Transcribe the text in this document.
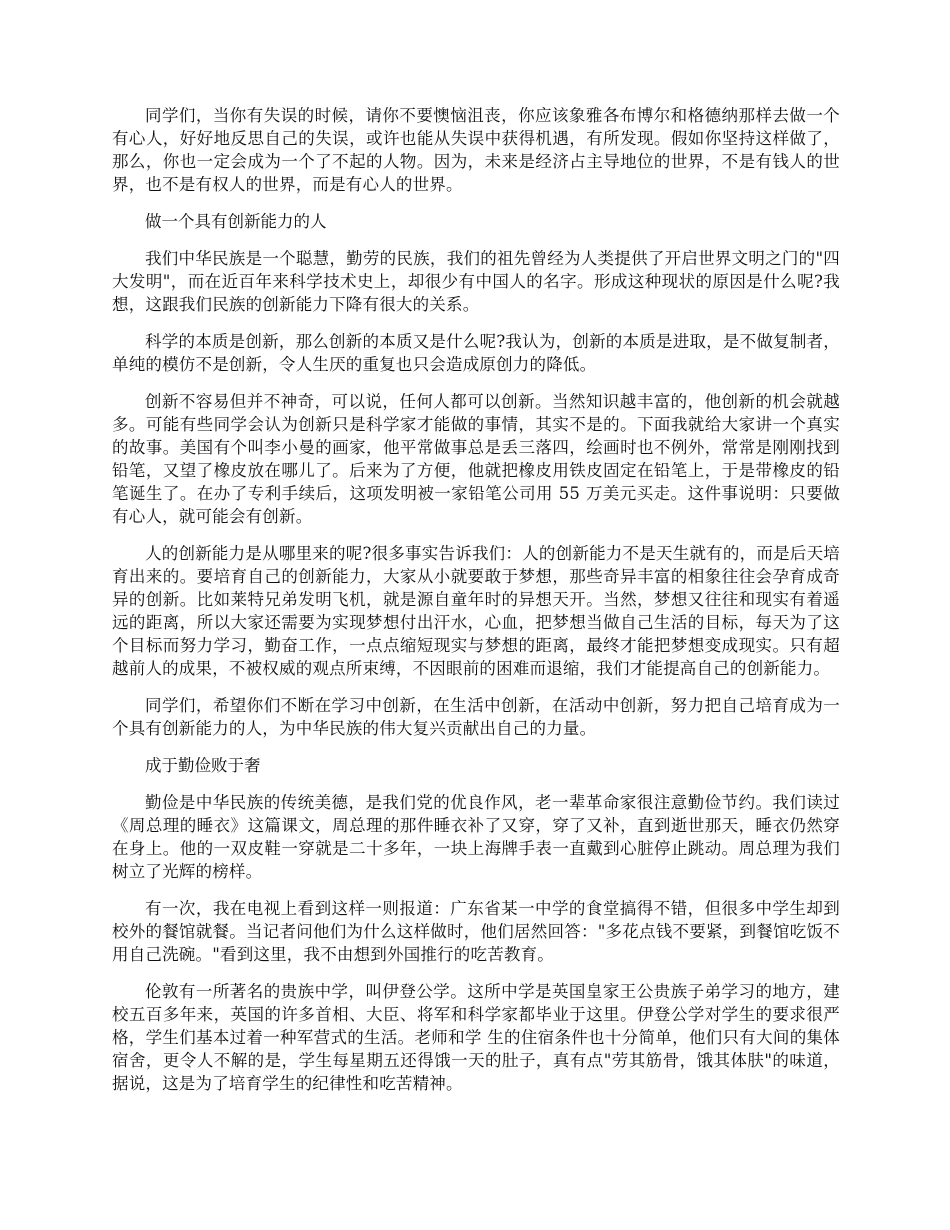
同学们，当你有失误的时候，请你不要懊恼沮丧，你应该象雅各布博尔和格德纳那样去做一个有心人，好好地反思自己的失误，或许也能从失误中获得机遇，有所发现。假如你坚持这样做了，那么，你也一定会成为一个了不起的人物。因为，未来是经济占主导地位的世界，不是有钱人的世界，也不是有权人的世界，而是有心人的世界。

做一个具有创新能力的人

我们中华民族是一个聪慧，勤劳的民族，我们的祖先曾经为人类提供了开启世界文明之门的"四大发明"，而在近百年来科学技术史上，却很少有中国人的名字。形成这种现状的原因是什么呢?我想，这跟我们民族的创新能力下降有很大的关系。

科学的本质是创新，那么创新的本质又是什么呢?我认为，创新的本质是进取，是不做复制者，单纯的模仿不是创新，令人生厌的重复也只会造成原创力的降低。

创新不容易但并不神奇，可以说，任何人都可以创新。当然知识越丰富的，他创新的机会就越多。可能有些同学会认为创新只是科学家才能做的事情，其实不是的。下面我就给大家讲一个真实的故事。美国有个叫李小曼的画家，他平常做事总是丢三落四，绘画时也不例外，常常是刚刚找到铅笔，又望了橡皮放在哪儿了。后来为了方便，他就把橡皮用铁皮固定在铅笔上，于是带橡皮的铅笔诞生了。在办了专利手续后，这项发明被一家铅笔公司用 55 万美元买走。这件事说明：只要做有心人，就可能会有创新。

人的创新能力是从哪里来的呢?很多事实告诉我们：人的创新能力不是天生就有的，而是后天培育出来的。要培育自己的创新能力，大家从小就要敢于梦想，那些奇异丰富的相象往往会孕育成奇异的创新。比如莱特兄弟发明飞机，就是源自童年时的异想天开。当然，梦想又往往和现实有着遥远的距离，所以大家还需要为实现梦想付出汗水，心血，把梦想当做自己生活的目标，每天为了这个目标而努力学习，勤奋工作，一点点缩短现实与梦想的距离，最终才能把梦想变成现实。只有超越前人的成果，不被权威的观点所束缚，不因眼前的困难而退缩，我们才能提高自己的创新能力。

同学们，希望你们不断在学习中创新，在生活中创新，在活动中创新，努力把自己培育成为一个具有创新能力的人，为中华民族的伟大复兴贡献出自己的力量。

成于勤俭败于奢

勤俭是中华民族的传统美德，是我们党的优良作风，老一辈革命家很注意勤俭节约。我们读过《周总理的睡衣》这篇课文，周总理的那件睡衣补了又穿，穿了又补，直到逝世那天，睡衣仍然穿在身上。他的一双皮鞋一穿就是二十多年，一块上海牌手表一直戴到心脏停止跳动。周总理为我们树立了光辉的榜样。

有一次，我在电视上看到这样一则报道：广东省某一中学的食堂搞得不错，但很多中学生却到校外的餐馆就餐。当记者问他们为什么这样做时，他们居然回答："多花点钱不要紧，到餐馆吃饭不用自己洗碗。"看到这里，我不由想到外国推行的吃苦教育。

伦敦有一所著名的贵族中学，叫伊登公学。这所中学是英国皇家王公贵族子弟学习的地方，建校五百多年来，英国的许多首相、大臣、将军和科学家都毕业于这里。伊登公学对学生的要求很严格，学生们基本过着一种军营式的生活。老师和学 生的住宿条件也十分简单，他们只有大间的集体宿舍，更令人不解的是，学生每星期五还得饿一天的肚子，真有点"劳其筋骨，饿其体肤"的味道，据说，这是为了培育学生的纪律性和吃苦精神。
